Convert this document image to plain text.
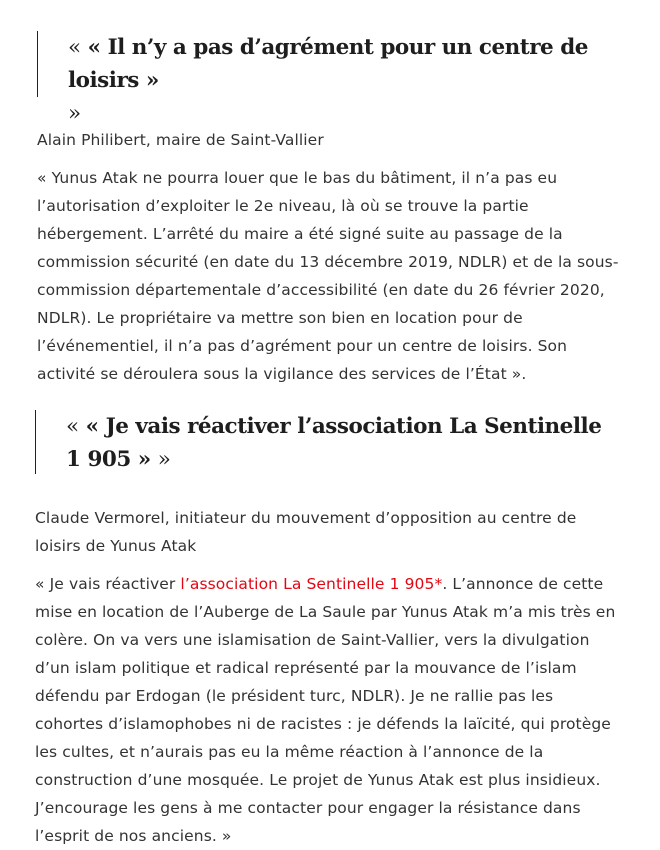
« « Il n’y a pas d’agrément pour un centre de loisirs »
»

Alain Philibert, maire de Saint-Vallier

« Yunus Atak ne pourra louer que le bas du bâtiment, il n’a pas eu l’autorisation d’exploiter le 2e niveau, là où se trouve la partie hébergement. L’arrêté du maire a été signé suite au passage de la commission sécurité (en date du 13 décembre 2019, NDLR) et de la sous-commission départementale d’accessibilité (en date du 26 février 2020, NDLR). Le propriétaire va mettre son bien en location pour de l’événementiel, il n’a pas d’agrément pour un centre de loisirs. Son activité se déroulera sous la vigilance des services de l’État ».

« « Je vais réactiver l’association La Sentinelle
1 905 » »

Claude Vermorel, initiateur du mouvement d’opposition au centre de loisirs de Yunus Atak

« Je vais réactiver l’association La Sentinelle 1 905*. L’annonce de cette mise en location de l’Auberge de La Saule par Yunus Atak m’a mis très en colère. On va vers une islamisation de Saint-Vallier, vers la divulgation d’un islam politique et radical représenté par la mouvance de l’islam défendu par Erdogan (le président turc, NDLR). Je ne rallie pas les cohortes d’islamophobes ni de racistes : je défends la laïcité, qui protège les cultes, et n’aurais pas eu la même réaction à l’annonce de la construction d’une mosquée. Le projet de Yunus Atak est plus insidieux. J’encourage les gens à me contacter pour engager la résistance dans l’esprit de nos anciens. »
